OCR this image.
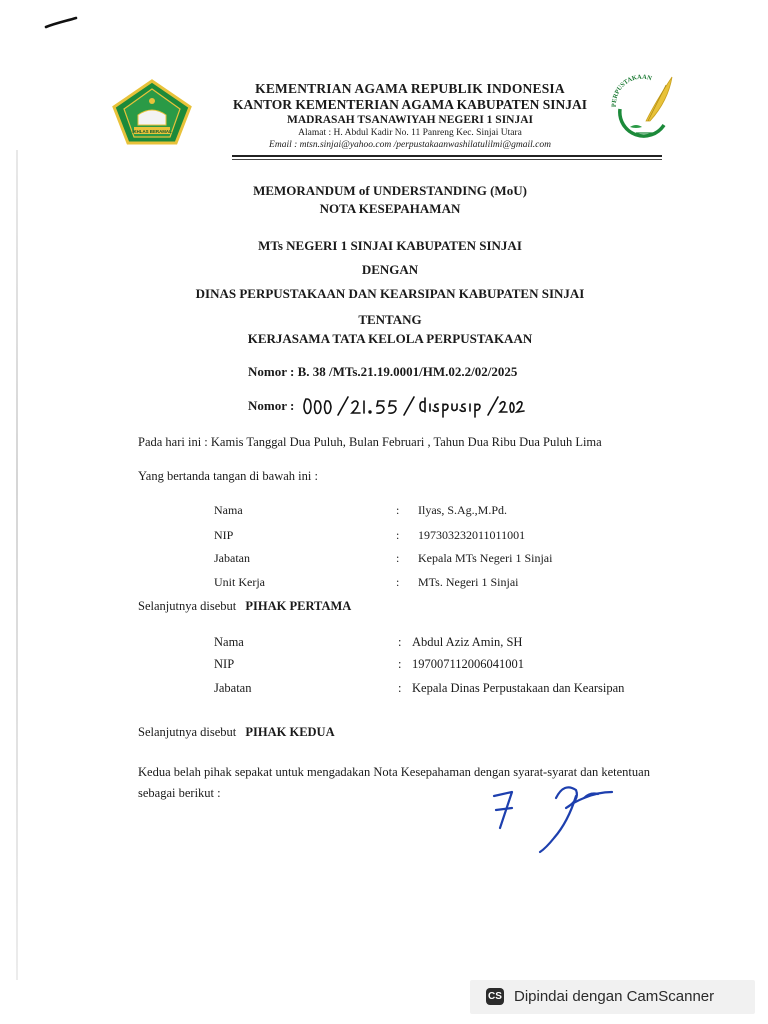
IKHLAS BERAMAL
KEMENTRIAN AGAMA REPUBLIK INDONESIA
KANTOR KEMENTERIAN AGAMA KABUPATEN SINJAI
MADRASAH TSANAWIYAH NEGERI 1 SINJAI
Alamat : H. Abdul Kadir No. 11 Panreng Kec. Sinjai Utara
Email : mtsn.sinjai@yahoo.com /perpustakaanwashilatulilmi@gmail.com
PERPUSTAKAAN
MEMORANDUM of UNDERSTANDING (MoU)
NOTA KESEPAHAMAN
MTs NEGERI 1 SINJAI KABUPATEN SINJAI
DENGAN
DINAS PERPUSTAKAAN DAN KEARSIPAN KABUPATEN SINJAI
TENTANG
KERJASAMA TATA KELOLA PERPUSTAKAAN
Nomor : B. 38 /MTs.21.19.0001/HM.02.2/02/2025
Nomor :
Pada hari ini : Kamis Tanggal Dua Puluh, Bulan Februari , Tahun Dua Ribu Dua Puluh Lima
Yang bertanda tangan di bawah ini :
Nama	: Ilyas, S.Ag.,M.Pd.
NIP	: 197303232011011001
Jabatan	: Kepala MTs Negeri 1 Sinjai
Unit Kerja	: MTs. Negeri 1 Sinjai
Selanjutnya disebut PIHAK PERTAMA
Nama	: Abdul Aziz Amin, SH
NIP	: 197007112006041001
Jabatan	: Kepala Dinas Perpustakaan dan Kearsipan
Selanjutnya disebut PIHAK KEDUA
Kedua belah pihak sepakat untuk mengadakan Nota Kesepahaman dengan syarat-syarat dan ketentuan sebagai berikut :
CS Dipindai dengan CamScanner
